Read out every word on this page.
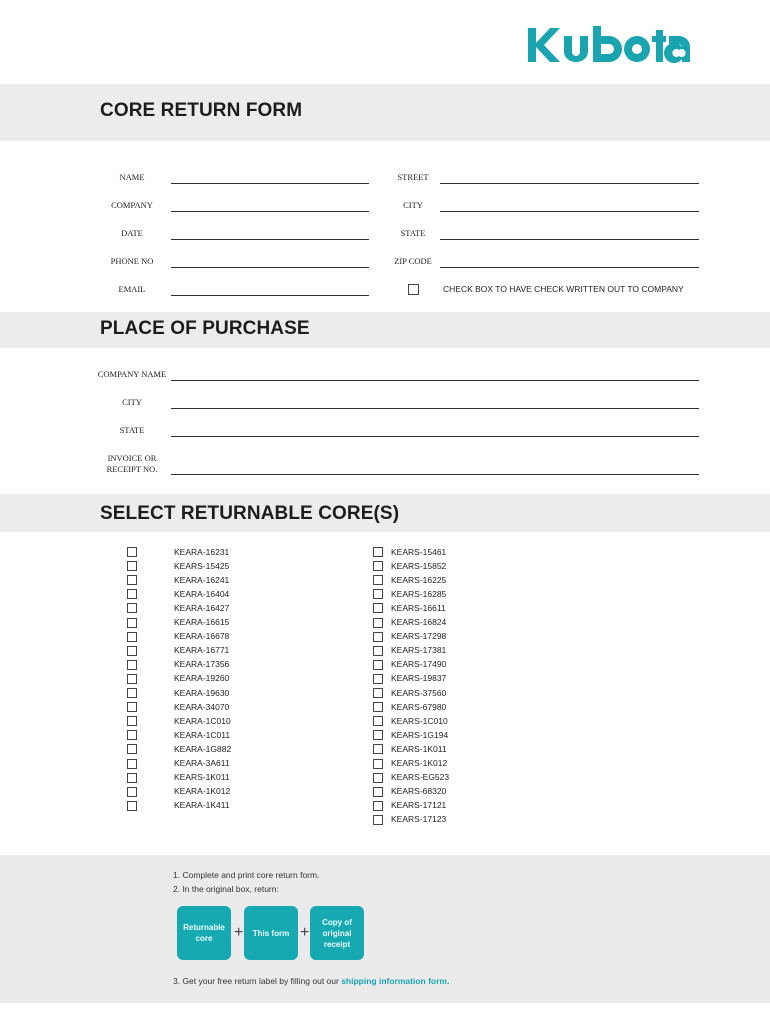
CORE RETURN FORM
NAME
COMPANY
DATE
PHONE NO
EMAIL
STREET
CITY
STATE
ZIP CODE
CHECK BOX TO HAVE CHECK WRITTEN OUT TO COMPANY
PLACE OF PURCHASE
COMPANY NAME
CITY
STATE
INVOICE OR
RECEIPT NO.
SELECT RETURNABLE CORE(S)
KEARA-16231
KEARS-15425
KEARA-16241
KEARA-16404
KEARA-16427
KEARA-16615
KEARA-16678
KEARA-16771
KEARA-17356
KEARA-19260
KEARA-19630
KEARA-34070
KEARA-1C010
KEARA-1C011
KEARA-1G882
KEARA-3A611
KEARS-1K011
KEARA-1K012
KEARA-1K411
KEARS-15461
KEARS-15852
KEARS-16225
KEARS-16285
KEARS-16611
KEARS-16824
KEARS-17298
KEARS-17381
KEARS-17490
KEARS-19837
KEARS-37560
KEARS-67980
KEARS-1C010
KEARS-1G194
KEARS-1K011
KEARS-1K012
KEARS-EG523
KEARS-68320
KEARS-17121
KEARS-17123
1. Complete and print core return form.
2. In the original box, return:
Returnable core	+	This form +
Copy of original receipt
3. Get your free return label by filling out our shipping information form.
